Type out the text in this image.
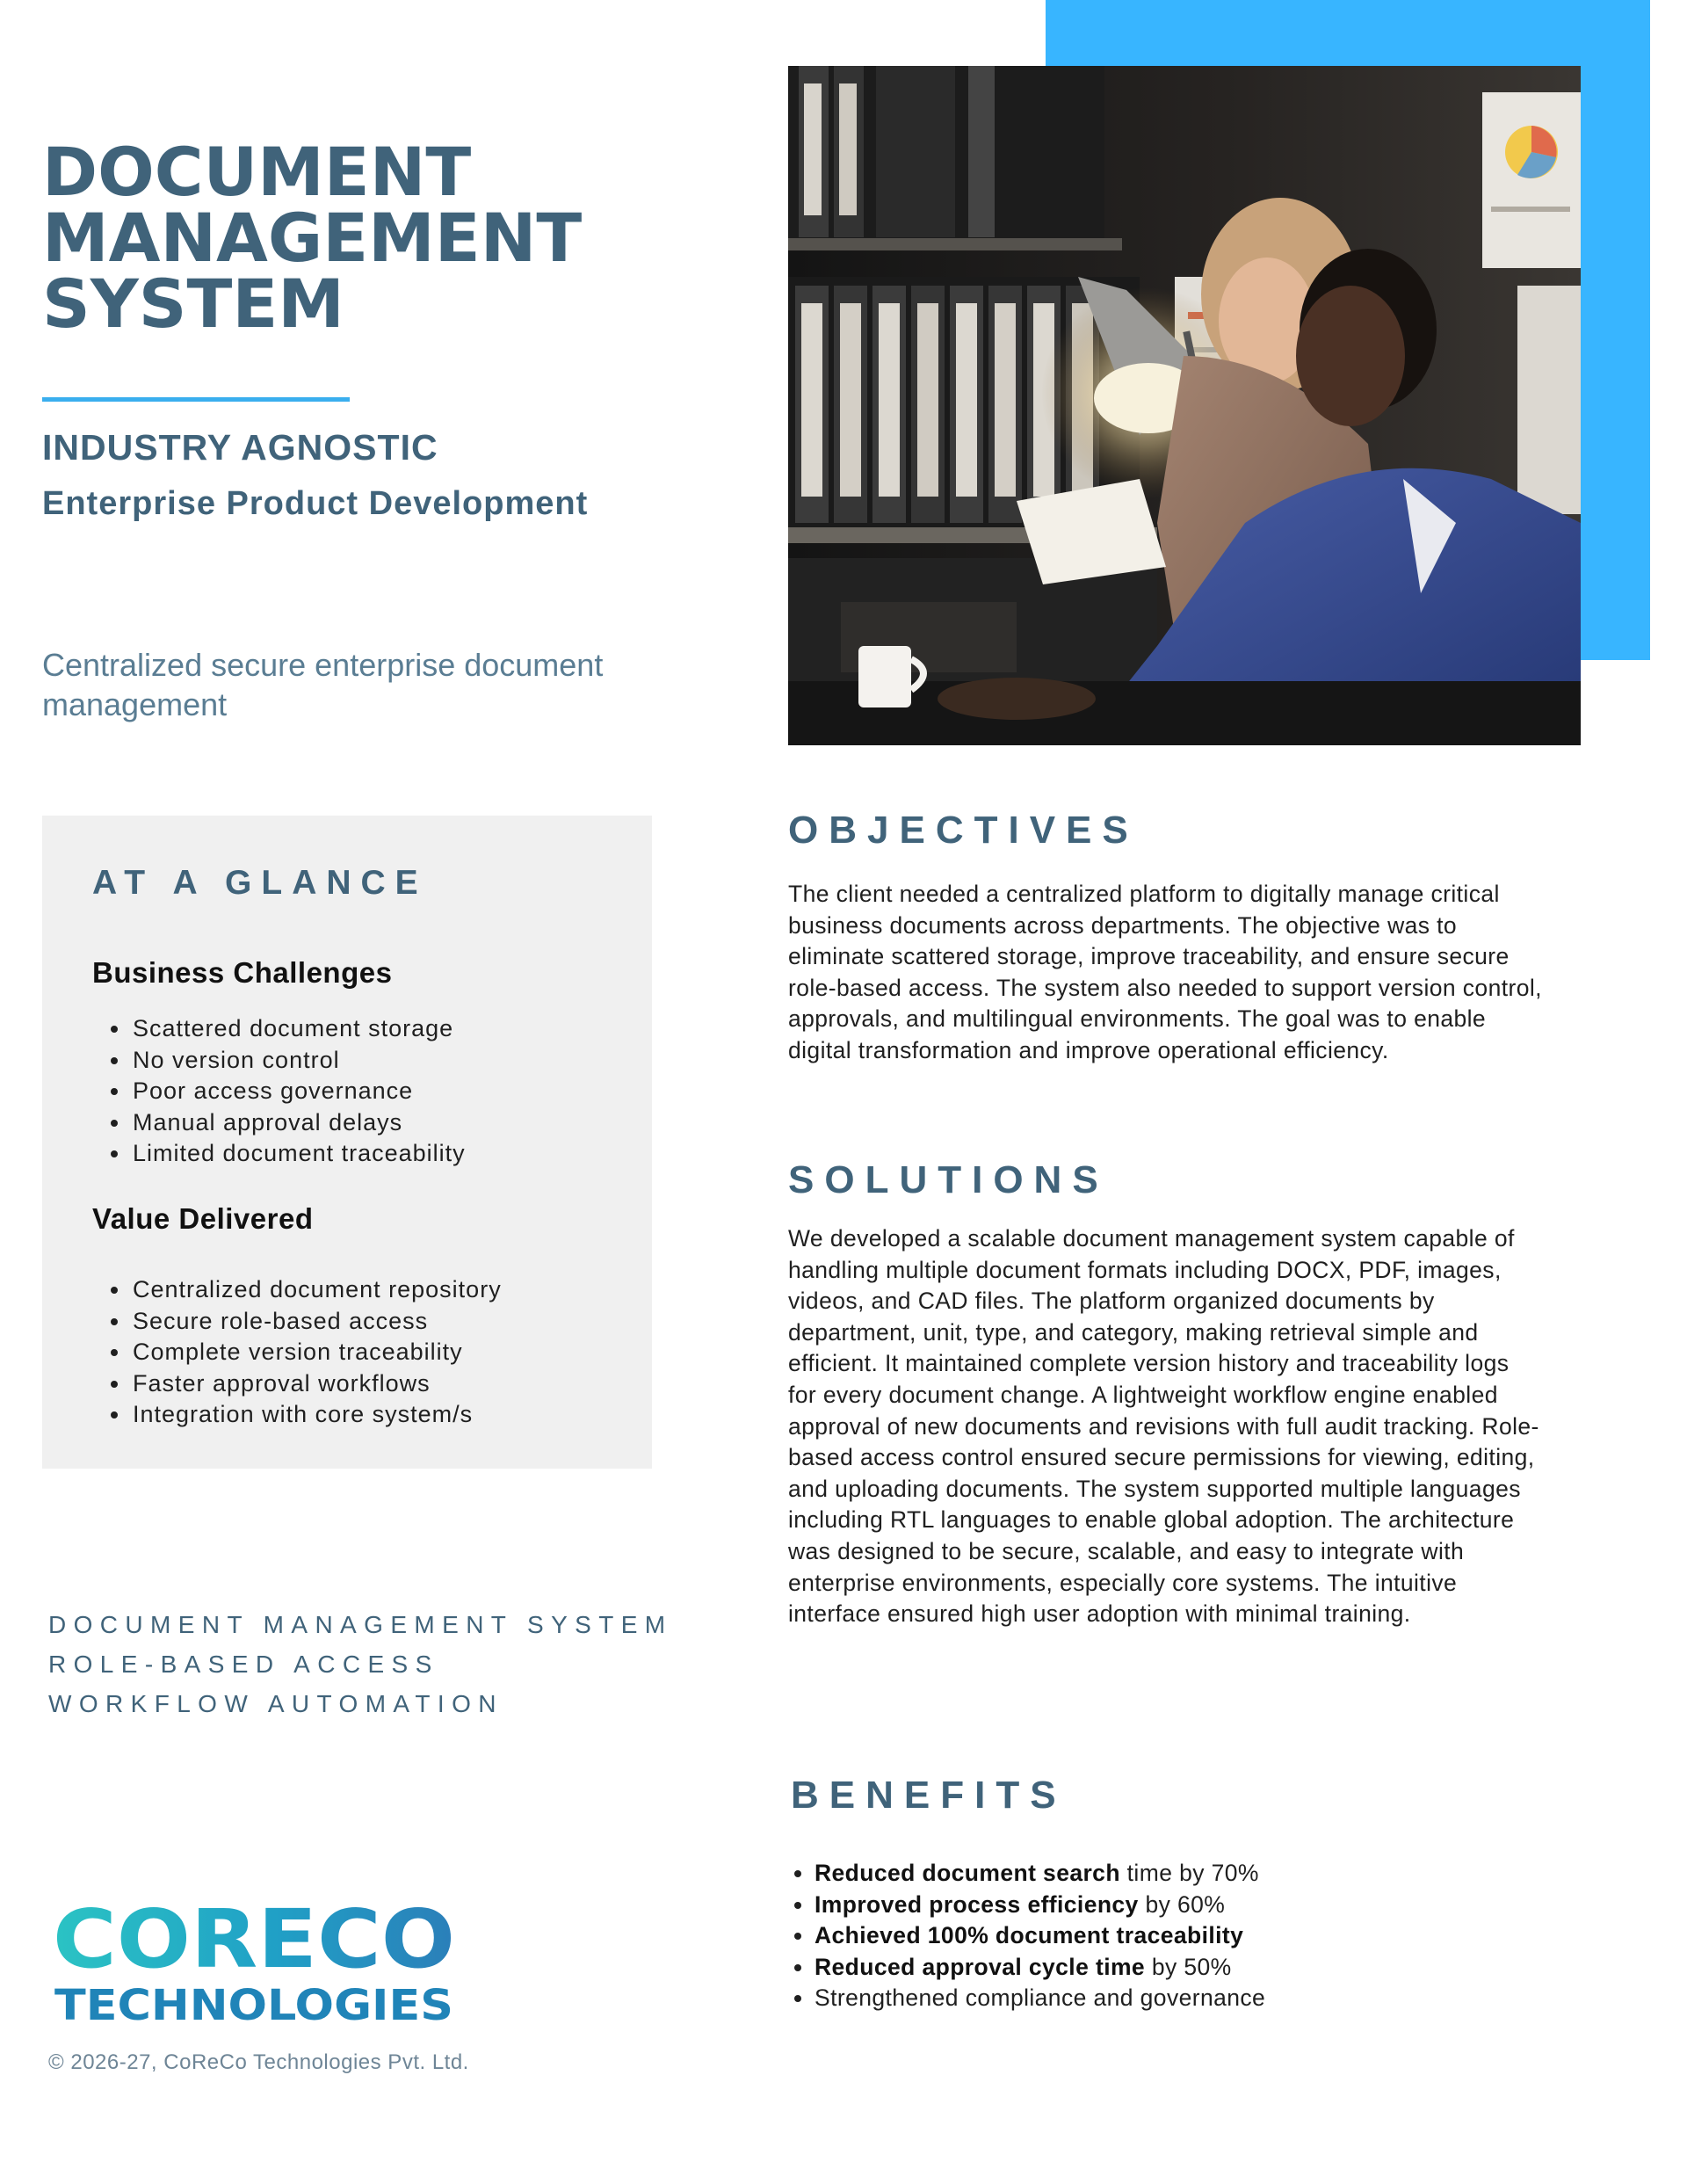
DOCUMENT
MANAGEMENT
SYSTEM

INDUSTRY AGNOSTIC

Enterprise Product Development

Centralized secure enterprise document management

AT A GLANCE
Business Challenges
• Scattered document storage
• No version control
• Poor access governance
• Manual approval delays
• Limited document traceability
Value Delivered
• Centralized document repository
• Secure role-based access
• Complete version traceability
• Faster approval workflows
• Integration with core system/s
DOCUMENT MANAGEMENT SYSTEM
ROLE-BASED ACCESS
WORKFLOW AUTOMATION
CORECO
TECHNOLOGIES

© 2026-27, CoReCo Technologies Pvt. Ltd.

OBJECTIVES

The client needed a centralized platform to digitally manage critical business documents across departments. The objective was to eliminate scattered storage, improve traceability, and ensure secure role-based access. The system also needed to support version control, approvals, and multilingual environments. The goal was to enable digital transformation and improve operational efficiency.

SOLUTIONS

We developed a scalable document management system capable of handling multiple document formats including DOCX, PDF, images, videos, and CAD files. The platform organized documents by department, unit, type, and category, making retrieval simple and efficient. It maintained complete version history and traceability logs for every document change. A lightweight workflow engine enabled approval of new documents and revisions with full audit tracking. Role-based access control ensured secure permissions for viewing, editing, and uploading documents. The system supported multiple languages including RTL languages to enable global adoption. The architecture was designed to be secure, scalable, and easy to integrate with enterprise environments, especially core systems. The intuitive interface ensured high user adoption with minimal training.

BENEFITS
• Reduced document search time by 70%
• Improved process efficiency by 60%
• Achieved 100% document traceability
• Reduced approval cycle time by 50%
• Strengthened compliance and governance
